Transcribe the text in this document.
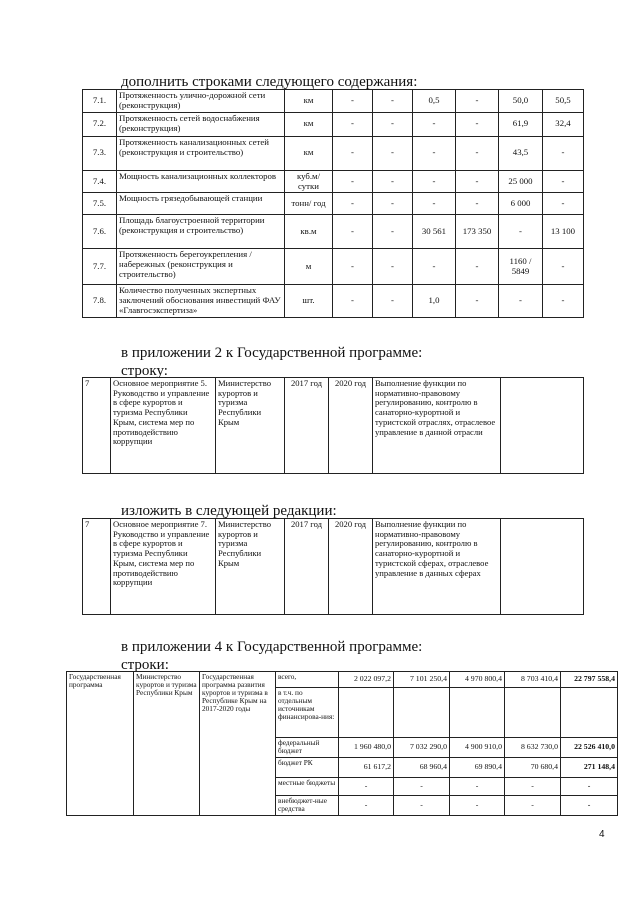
дополнить строками следующего содержания:
7.1.	Протяженность улично-дорожной сети (реконструкция)	км	-	-	0,5	-	50,0	50,5
7.2.	Протяженность сетей водоснабжения (реконструкция)	км	-	-	-	-	61,9	32,4
7.3.	Протяженность канализационных сетей (реконструкция и строительство)	км	-	-	-	-	43,5	-
7.4.	Мощность канализационных коллекторов	куб.м/ сутки	-	-	-	-	25 000	-
7.5.	Мощность грязедобывающей станции	тонн/ год	-	-	-	-	6 000	-
7.6.	Площадь благоустроенной территории (реконструкция и строительство)	кв.м	-	-	30 561	173 350	-	13 100
7.7.	Протяженность берегоукрепления / набережных (реконструкция и строительство)	м	-	-	-	-	1160 / 5849	-
7.8.	Количество полученных экспертных заключений обоснования инвестиций ФАУ «Главгосэкспертиза»	шт.	-	-	1,0	-	-	-
в приложении 2 к Государственной программе:
строку:
7	Основное мероприятие 5. Руководство и управление в сфере курортов и туризма Республики Крым, система мер по противодействию коррупции	Министерство курортов и туризма Республики Крым	2017 год	2020 год	Выполнение функции по нормативно-правовому регулированию, контролю в санаторно-курортной и туристской отраслях, отраслевое управление в данной отрасли	
изложить в следующей редакции:
7	Основное мероприятие 7. Руководство и управление в сфере курортов и туризма Республики Крым, система мер по противодействию коррупции	Министерство курортов и туризма Республики Крым	2017 год	2020 год	Выполнение функции по нормативно-правовому регулированию, контролю в санаторно-курортной и туристской сферах, отраслевое управление в данных сферах	
в приложении 4 к Государственной программе:
строки:
Государственная программа	Министерство курортов и туризма Республики Крым	Государственная программа развития курортов и туризма в Республике Крым на 2017-2020 годы	всего,	2 022 097,2	7 101 250,4	4 970 800,4	8 703 410,4	22 797 558,4
			в т.ч. по отдельным источникам финансирова-ния:					
			федеральный бюджет	1 960 480,0	7 032 290,0	4 900 910,0	8 632 730,0	22 526 410,0
			бюджет РК	61 617,2	68 960,4	69 890,4	70 680,4	271 148,4
			местные бюджеты	-	-	-	-	-
			внебюджет-ные средства	-	-	-	-	-
4
